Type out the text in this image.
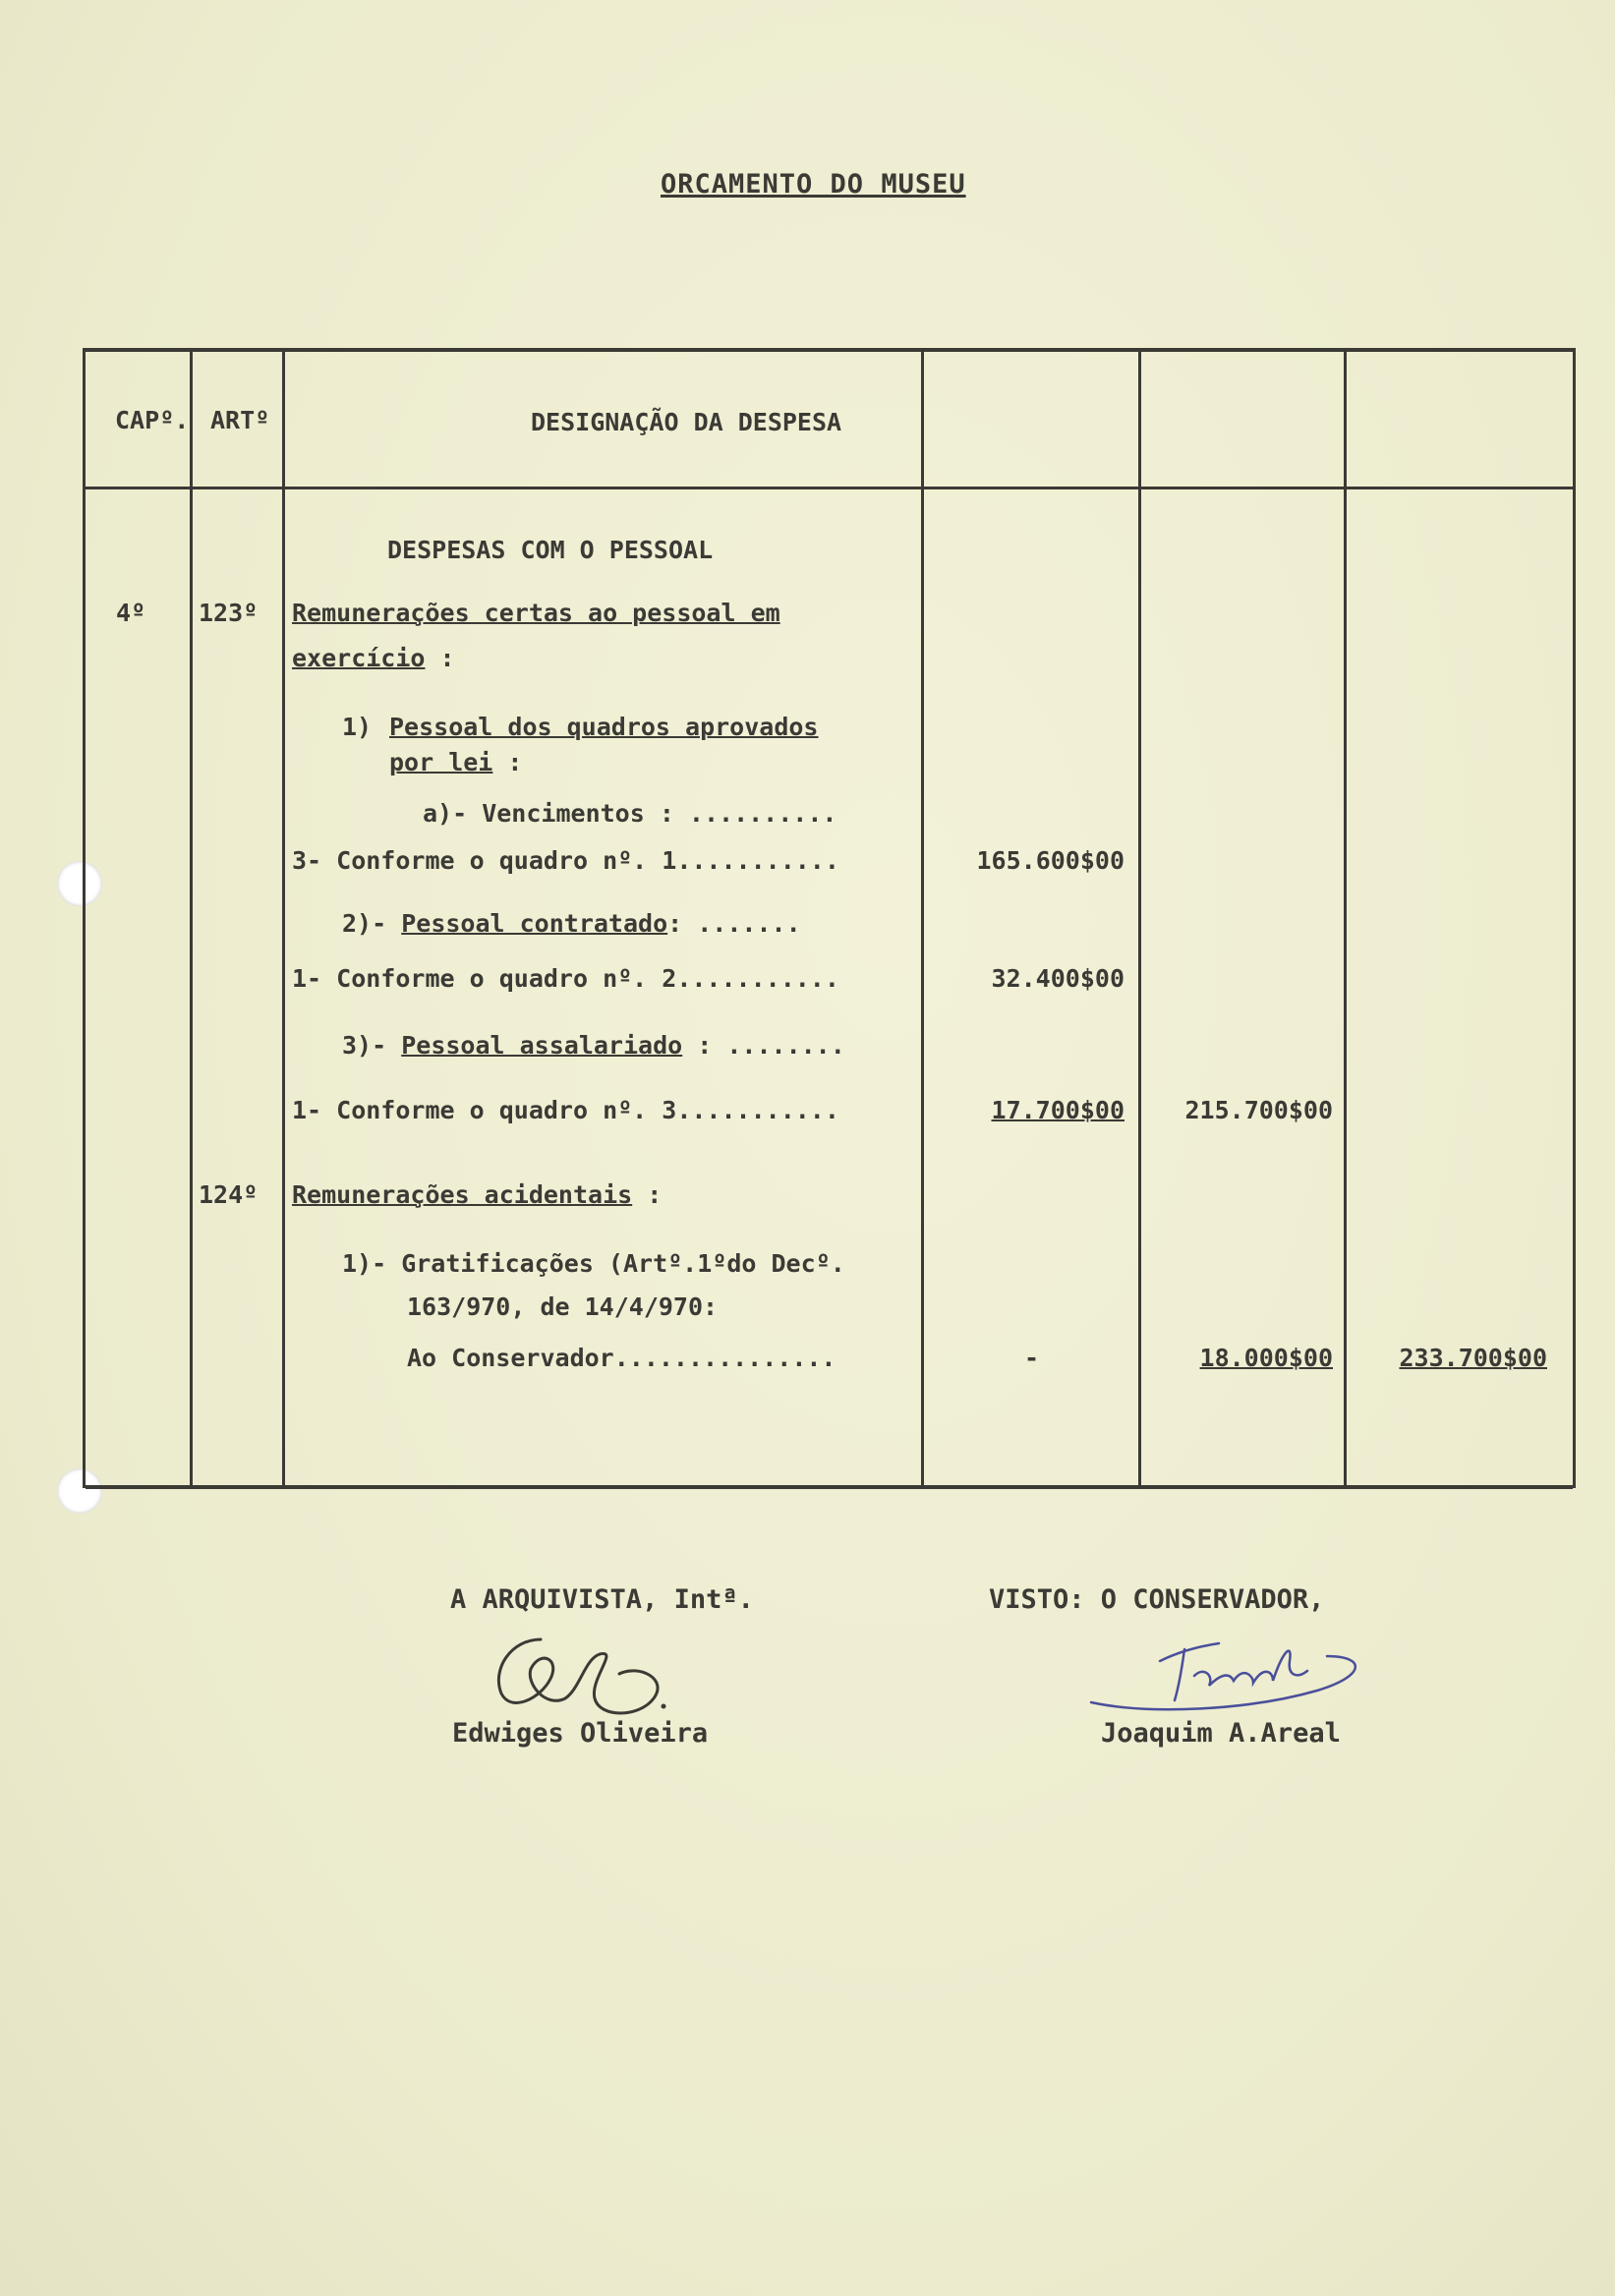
ORCAMENTO DO MUSEU
CAPº. ARTº	DESIGNAÇÃO DA DESPESA
DESPESAS COM O PESSOAL
4º 123º Remunerações certas ao pessoal em
exercício :
1) Pessoal dos quadros aprovados
por lei :
a)- Vencimentos : ..........
3- Conforme o quadro nº. 1...........	165.600$00
2)- Pessoal contratado: .......
1- Conforme o quadro nº. 2...........	32.400$00
3)- Pessoal assalariado : ........
1- Conforme o quadro nº. 3...........	17.700$00	215.700$00
124º Remunerações acidentais :
1)- Gratificações (Artº.1ºdo Decº.
163/970, de 14/4/970:
Ao Conservador...............	-	18.000$00	233.700$00
A ARQUIVISTA, Intª.
Edwiges Oliveira
VISTO: O CONSERVADOR,
Joaquim A.Areal
